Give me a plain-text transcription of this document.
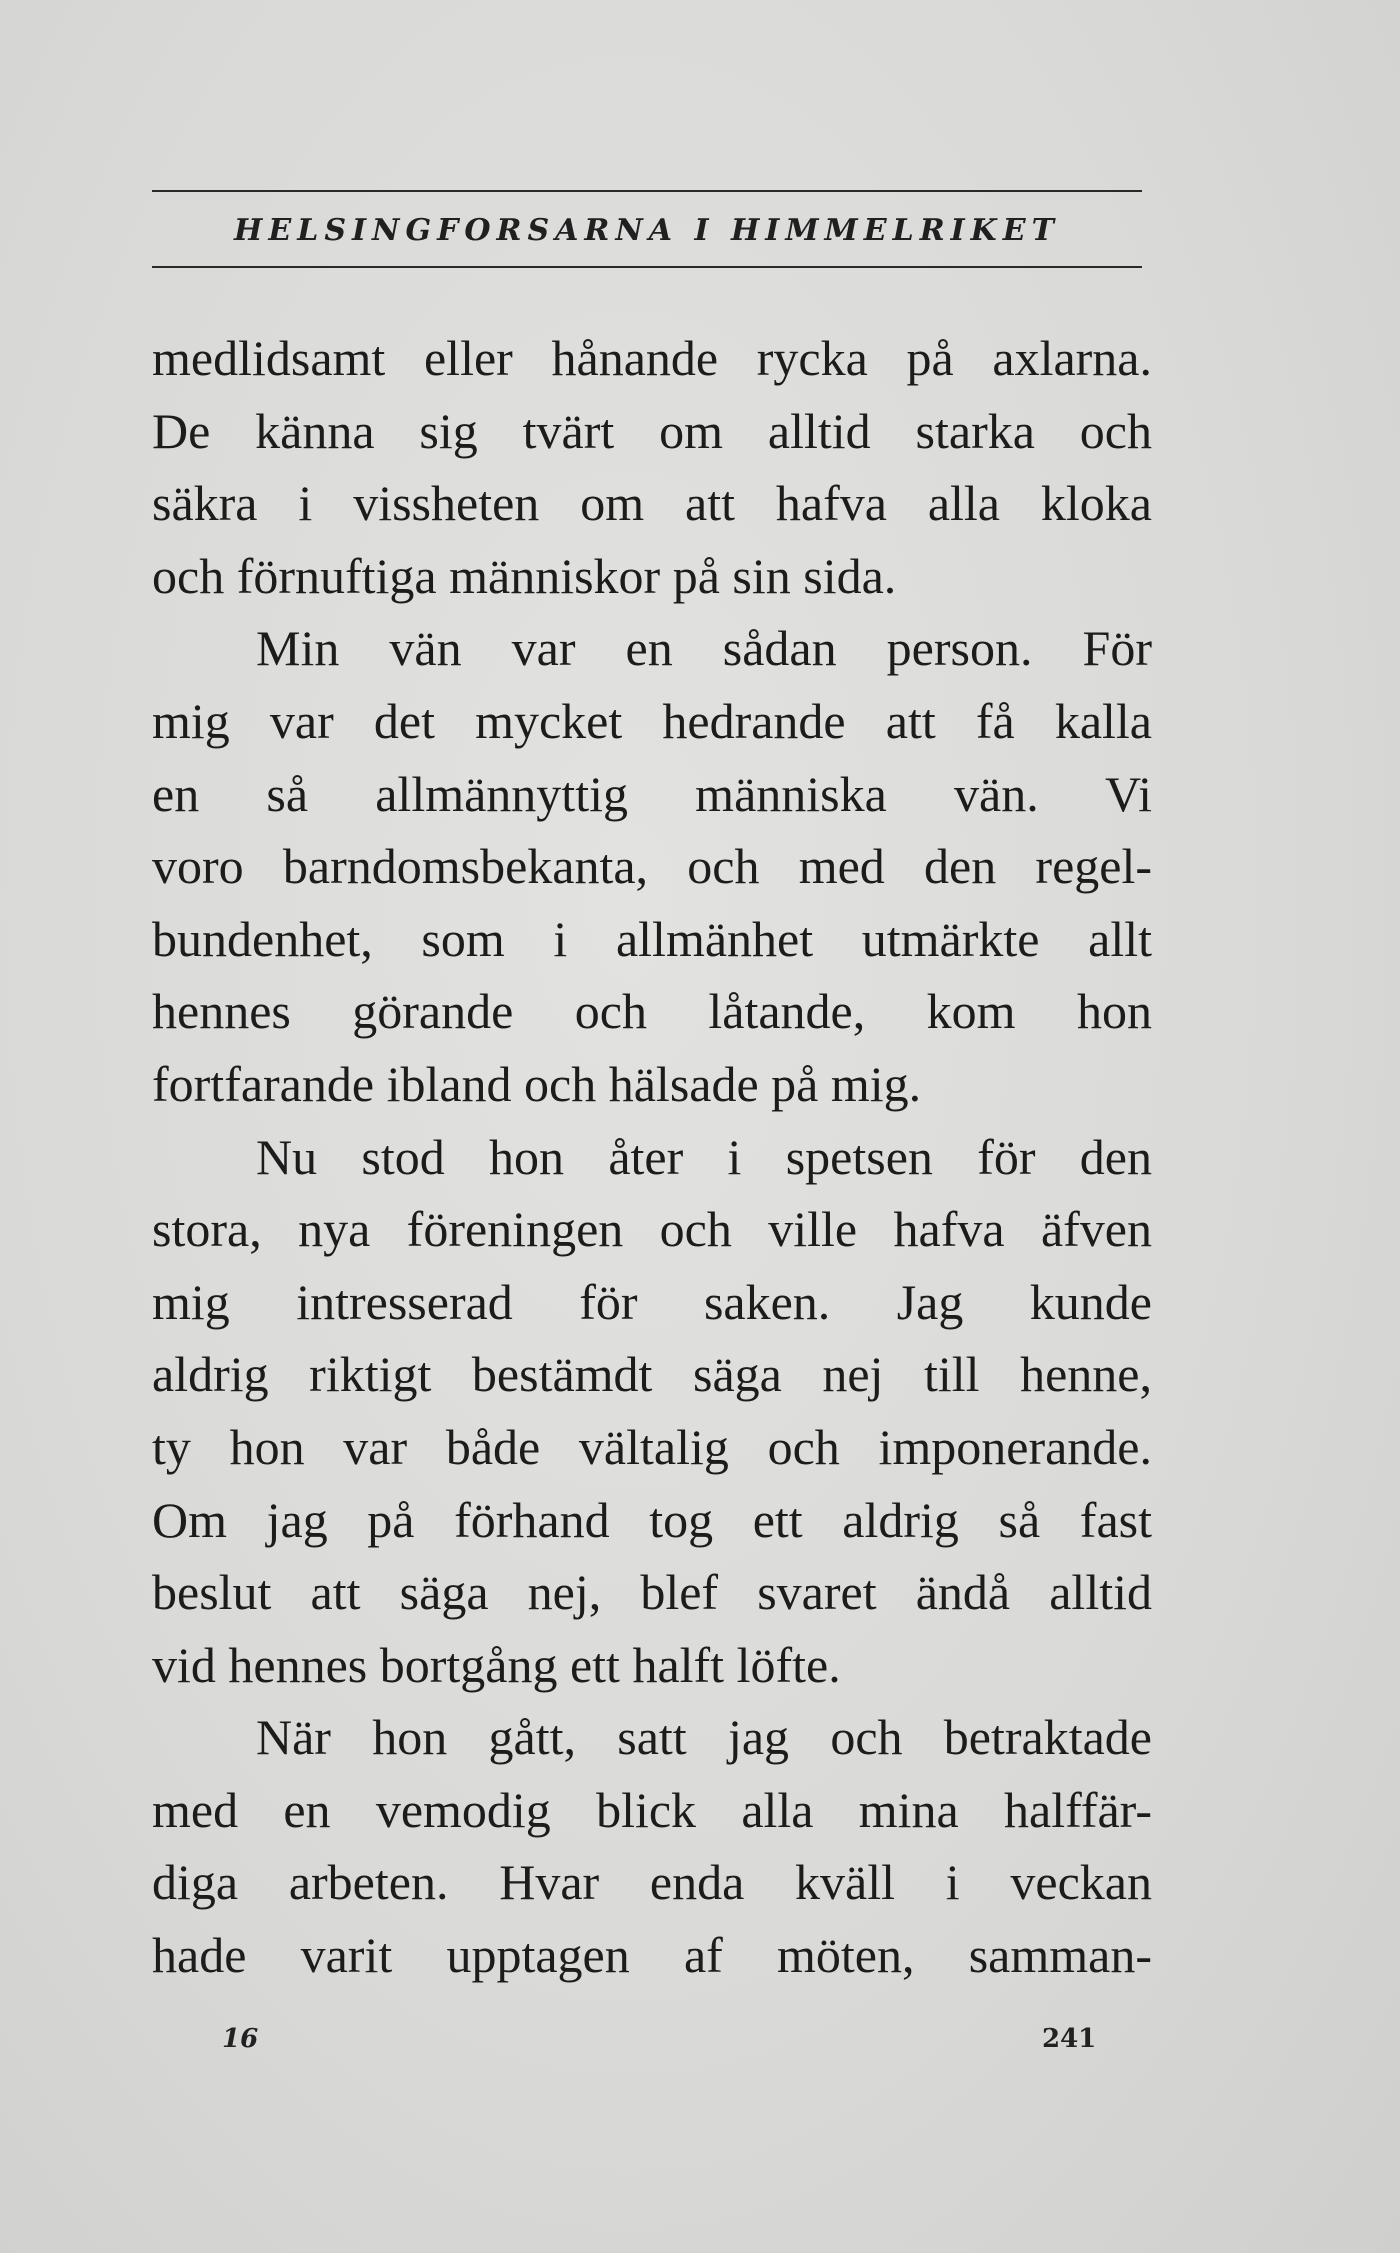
HELSINGFORSARNA I HIMMELRIKET
medlidsamt eller hånande rycka på axlarna.
De känna sig tvärt om alltid starka och
säkra i vissheten om att hafva alla kloka
och förnuftiga människor på sin sida.
Min vän var en sådan person. För
mig var det mycket hedrande att få kalla
en så allmännyttig människa vän. Vi
voro barndomsbekanta, och med den regel-
bundenhet, som i allmänhet utmärkte allt
hennes görande och låtande, kom hon
fortfarande ibland och hälsade på mig.
Nu stod hon åter i spetsen för den
stora, nya föreningen och ville hafva äfven
mig intresserad för saken. Jag kunde
aldrig riktigt bestämdt säga nej till henne,
ty hon var både vältalig och imponerande.
Om jag på förhand tog ett aldrig så fast
beslut att säga nej, blef svaret ändå alltid
vid hennes bortgång ett halft löfte.
När hon gått, satt jag och betraktade
med en vemodig blick alla mina halffär-
diga arbeten. Hvar enda kväll i veckan
hade varit upptagen af möten, samman-
16	241
